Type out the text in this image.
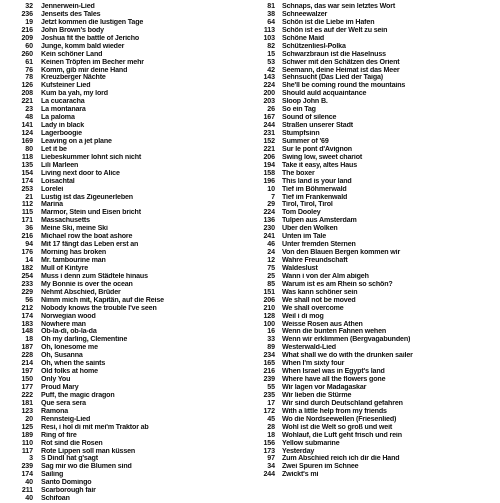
32 Jennerwein-Lied
236 Jenseits des Tales
19 Jetzt kommen die lustigen Tage
216 John Brown's body
209 Joshua fit the battle of Jericho
60 Junge, komm bald wieder
260 Kein schöner Land
61 Keinen Tröpfen im Becher mehr
76 Komm, gib mir deine Hand
78 Kreuzberger Nächte
126 Kufsteiner Lied
208 Kum ba yah, my lord
221 La cucaracha
23 La montanara
48 La paloma
141 Lady in black
124 Lagerboogie
169 Leaving on a jet plane
80 Let it be
118 Liebeskummer lohnt sich nicht
135 Lili Marleen
154 Living next door to Alice
174 Loisachtal
253 Lorelei
21 Lustig ist das Zigeunerleben
112 Marina
115 Marmor, Stein und Eisen bricht
171 Massachusetts
36 Meine Ski, meine Ski
216 Michael row the boat ashore
94 Mit 17 fängt das Leben erst an
176 Morning has broken
14 Mr. tambourine man
182 Mull of Kintyre
254 Muss i denn zum Städtele hinaus
233 My Bonnie is over the ocean
229 Nehmt Abschied, Brüder
56 Nimm mich mit, Kapitän, auf die Reise
212 Nobody knows the trouble I've seen
174 Norwegian wood
183 Nowhere man
148 Ob-la-di, ob-la-da
18 Oh my darling, Clementine
187 Oh, lonesome me
228 Oh, Susanna
214 Oh, when the saints
197 Old folks at home
150 Only You
177 Proud Mary
222 Puff, the magic dragon
181 Que sera sera
123 Ramona
20 Rennsteig-Lied
125 Resi, i hol di mit mei'm Traktor ab
189 Ring of fire
110 Rot sind die Rosen
117 Rote Lippen soll man küssen
3 S Dindl hat g'sagt
239 Sag mir wo die Blumen sind
174 Sailing
40 Santo Domingo
211 Scarborough fair
40 Schifoan
81 Schnaps, das war sein letztes Wort
38 Schneewalzer
64 Schön ist die Liebe im Hafen
113 Schön ist es auf der Welt zu sein
103 Schöne Maid
82 Schützenliesl-Polka
15 Schwarzbraun ist die Haselnuss
53 Schwer mit den Schätzen des Orient
42 Seemann, deine Heimat ist das Meer
143 Sehnsucht (Das Lied der Taiga)
224 She'll be coming round the mountains
200 Should auld acquaintance
203 Sloop John B.
26 So ein Tag
167 Sound of silence
244 Straßen unserer Stadt
231 Stumpfsinn
152 Summer of '69
221 Sur le pont d'Avignon
206 Swing low, sweet chariot
194 Take it easy, altes Haus
158 The boxer
196 This land is your land
10 Tief im Böhmerwald
7 Tief im Frankenwald
29 Tirol, Tirol, Tirol
224 Tom Dooley
136 Tulpen aus Amsterdam
230 Über den Wolken
241 Unten im Tale
46 Unter fremden Sternen
24 Von den Blauen Bergen kommen wir
12 Wahre Freundschaft
75 Waldeslust
25 Wann i von der Alm abigeh
85 Warum ist es am Rhein so schön?
151 Was kann schöner sein
206 We shall not be moved
210 We shall overcome
128 Weil i di mog
100 Weisse Rosen aus Athen
16 Wenn die bunten Fahnen wehen
33 Wenn wir erklimmen (Bergvagabunden)
89 Westerwald-Lied
234 What shall we do with the drunken sailer
165 When I'm sixty four
216 When Israel was in Egypt's land
239 Where have all the flowers gone
55 Wir lagen vor Madagaskar
235 Wir lieben die Stürme
17 Wir sind durch Deutschland gefahren
172 With a little help from my friends
45 Wo die Nordseewellen (Friesenlied)
28 Wohl ist die Welt so groß und weit
18 Wohlauf, die Luft geht frisch und rein
156 Yellow submarine
173 Yesterday
97 Zum Abschied reich ich dir die Hand
34 Zwei Spuren im Schnee
244 Zwickt's mi
